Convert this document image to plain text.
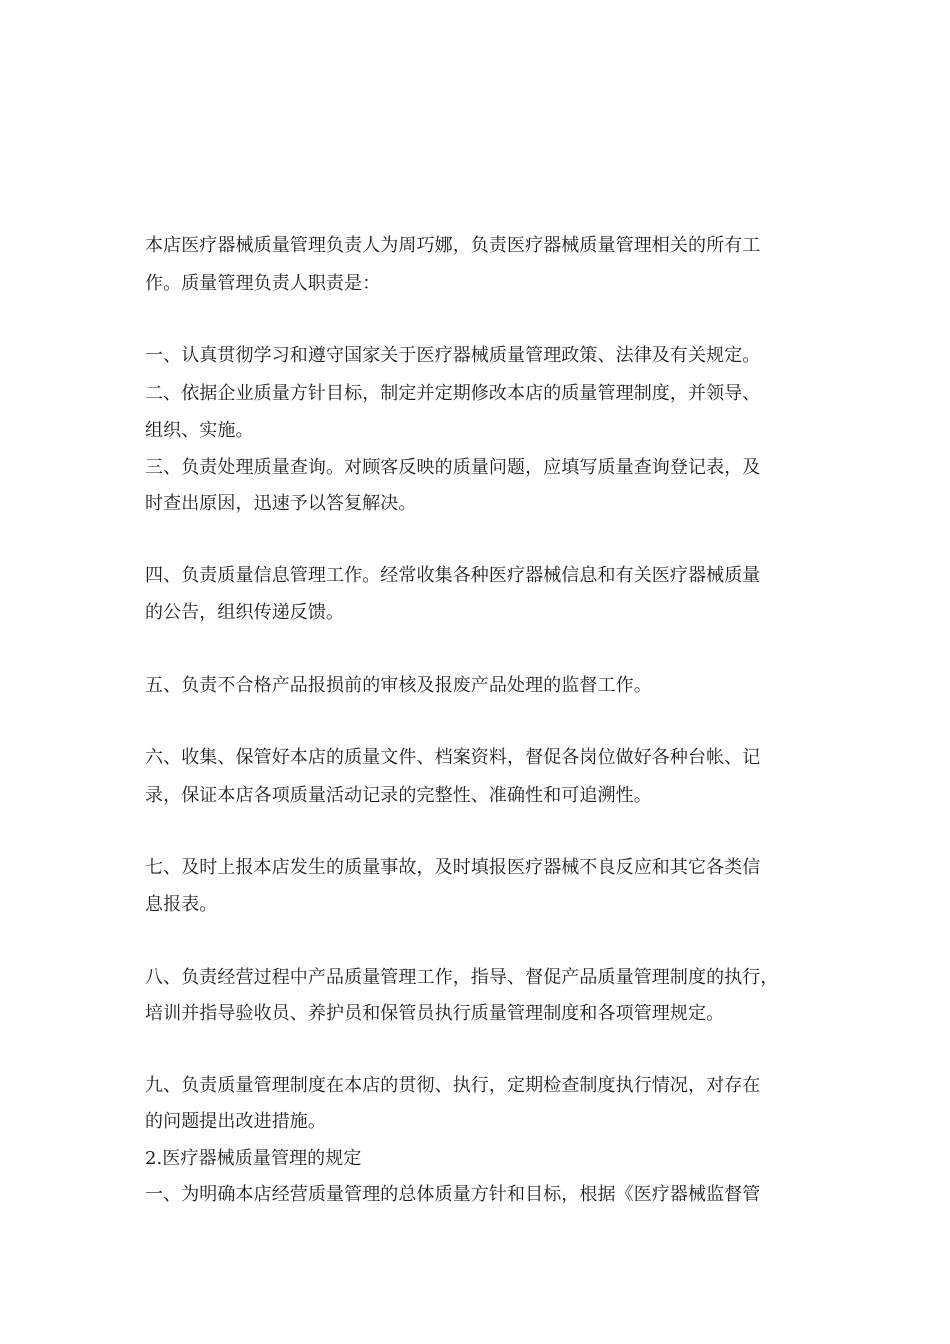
本店医疗器械质量管理负责人为周巧娜，负责医疗器械质量管理相关的所有工
作。质量管理负责人职责是：
一、认真贯彻学习和遵守国家关于医疗器械质量管理政策、法律及有关规定。
二、依据企业质量方针目标，制定并定期修改本店的质量管理制度，并领导、
组织、实施。
三、负责处理质量查询。对顾客反映的质量问题，应填写质量查询登记表，及
时查出原因，迅速予以答复解决。
四、负责质量信息管理工作。经常收集各种医疗器械信息和有关医疗器械质量
的公告，组织传递反馈。
五、负责不合格产品报损前的审核及报废产品处理的监督工作。
六、收集、保管好本店的质量文件、档案资料，督促各岗位做好各种台帐、记
录，保证本店各项质量活动记录的完整性、准确性和可追溯性。
七、及时上报本店发生的质量事故，及时填报医疗器械不良反应和其它各类信
息报表。
八、负责经营过程中产品质量管理工作，指导、督促产品质量管理制度的执行，
培训并指导验收员、养护员和保管员执行质量管理制度和各项管理规定。
九、负责质量管理制度在本店的贯彻、执行，定期检查制度执行情况，对存在
的问题提出改进措施。
2.医疗器械质量管理的规定
一、为明确本店经营质量管理的总体质量方针和目标，根据《医疗器械监督管
